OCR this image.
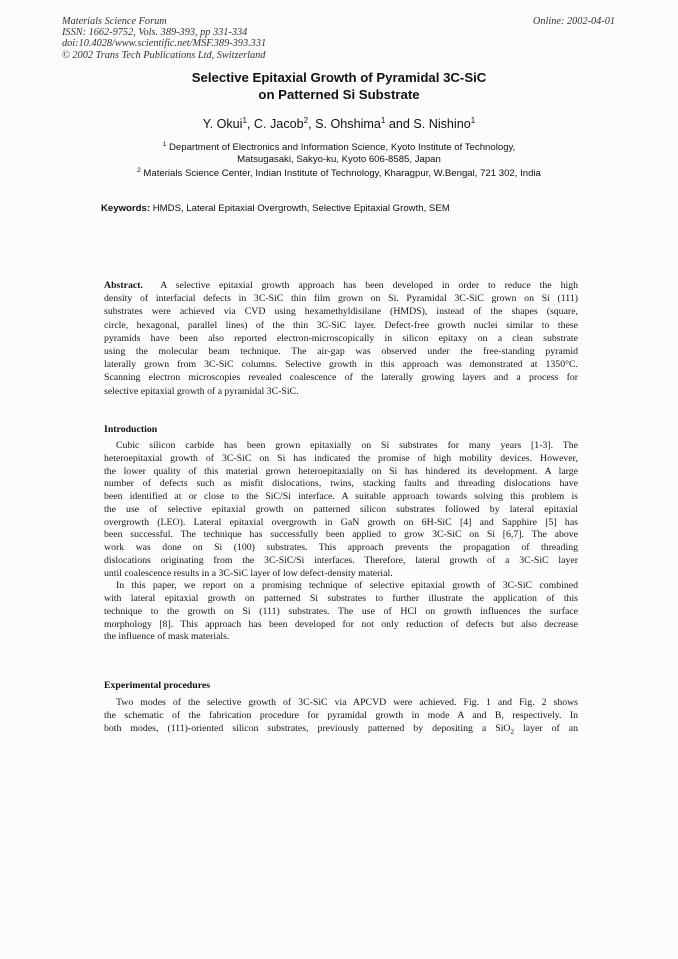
Materials Science Forum
ISSN: 1662-9752, Vols. 389-393, pp 331-334
doi:10.4028/www.scientific.net/MSF.389-393.331
© 2002 Trans Tech Publications Ltd, Switzerland
Online: 2002-04-01
Selective Epitaxial Growth of Pyramidal 3C-SiC
on Patterned Si Substrate
Y. Okui$^1$, C. Jacob$^2$, S. Ohshima$^1$ and S. Nishino$^1$
$^1$ Department of Electronics and Information Science, Kyoto Institute of Technology,
Matsugasaki, Sakyo-ku, Kyoto 606-8585, Japan
$^2$ Materials Science Center, Indian Institute of Technology, Kharagpur, W.Bengal, 721 302, India
Keywords: HMDS, Lateral Epitaxial Overgrowth, Selective Epitaxial Growth, SEM
Abstract. A selective epitaxial growth approach has been developed in order to reduce the high
density of interfacial defects in 3C-SiC thin film grown on Si. Pyramidal 3C-SiC grown on Si (111)
substrates were achieved via CVD using hexamethyldisilane (HMDS), instead of the shapes (square,
circle, hexagonal, parallel lines) of the thin 3C-SiC layer. Defect-free growth nuclei similar to these
pyramids have been also reported electron-microscopically in silicon epitaxy on a clean substrate
using the molecular beam technique. The air-gap was observed under the free-standing pyramid
laterally grown from 3C-SiC columns. Selective growth in this approach was demonstrated at 1350°C.
Scanning electron microscopies revealed coalescence of the laterally growing layers and a process for
selective epitaxial growth of a pyramidal 3C-SiC.
Introduction
Cubic silicon carbide has been grown epitaxially on Si substrates for many years [1-3]. The
heteroepitaxial growth of 3C-SiC on Si has indicated the promise of high mobility devices. However,
the lower quality of this material grown heteroepitaxially on Si has hindered its development. A large
number of defects such as misfit dislocations, twins, stacking faults and threading dislocations have
been identified at or close to the SiC/Si interface. A suitable approach towards solving this problem is
the use of selective epitaxial growth on patterned silicon substrates followed by lateral epitaxial
overgrowth (LEO). Lateral epitaxial overgrowth in GaN growth on 6H-SiC [4] and Sapphire [5] has
been successful. The technique has successfully been applied to grow 3C-SiC on Si [6,7]. The above
work was done on Si (100) substrates. This approach prevents the propagation of threading
dislocations originating from the 3C-SiC/Si interfaces. Therefore, lateral growth of a 3C-SiC layer
until coalescence results in a 3C-SiC layer of low defect-density material.
In this paper, we report on a promising technique of selective epitaxial growth of 3C-SiC combined
with lateral epitaxial growth on patterned Si substrates to further illustrate the application of this
technique to the growth on Si (111) substrates. The use of HCl on growth influences the surface
morphology [8]. This approach has been developed for not only reduction of defects but also decrease
the influence of mask materials.
Experimental procedures
Two modes of the selective growth of 3C-SiC via APCVD were achieved. Fig. 1 and Fig. 2 shows
the schematic of the fabrication procedure for pyramidal growth in mode A and B, respectively. In
both modes, (111)-oriented silicon substrates, previously patterned by depositing a SiO$_2$ layer of an
